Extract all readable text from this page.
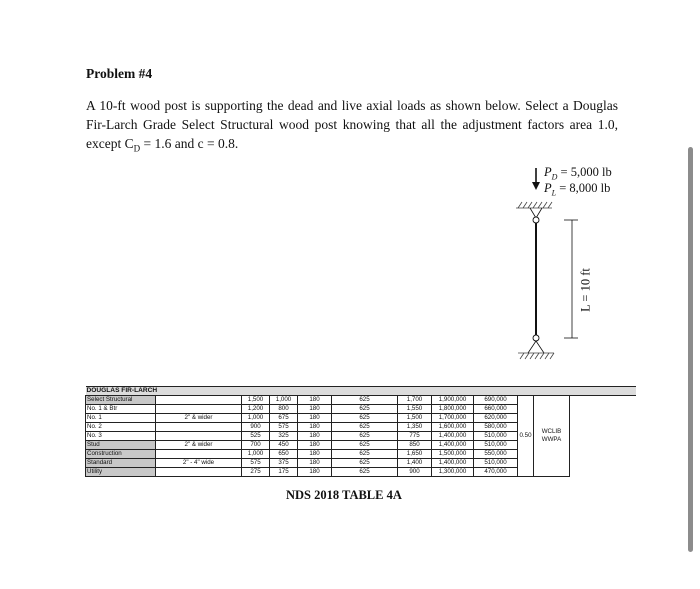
Problem #4
A 10-ft wood post is supporting the dead and live axial loads as shown below. Select a Douglas Fir-Larch Grade Select Structural wood post knowing that all the adjustment factors area 1.0, except $C_D = 1.6$ and c = 0.8.
$P_D = 5,000$ lb
$P_L = 8,000$ lb
L = 10 ft
DOUGLAS FIR-LARCH											
Select Structural		1,500	1,000	180	625	1,700	1,900,000	690,000	0.50	WCLIB
WWPA	

No. 1 & Btr		1,200	800	180	625	1,550	1,800,000	660,000			
No. 1	2" & wider	1,000	675	180	625	1,500	1,700,000	620,000			
No. 2		900	575	180	625	1,350	1,600,000	580,000			
No. 3		525	325	180	625	775	1,400,000	510,000			
Stud	2" & wider	700	450	180	625	850	1,400,000	510,000			
Construction		1,000	650	180	625	1,650	1,500,000	550,000			
Standard	2" - 4" wide	575	375	180	625	1,400	1,400,000	510,000			
Utility		275	175	180	625	900	1,300,000	470,000			
NDS 2018 TABLE 4A
